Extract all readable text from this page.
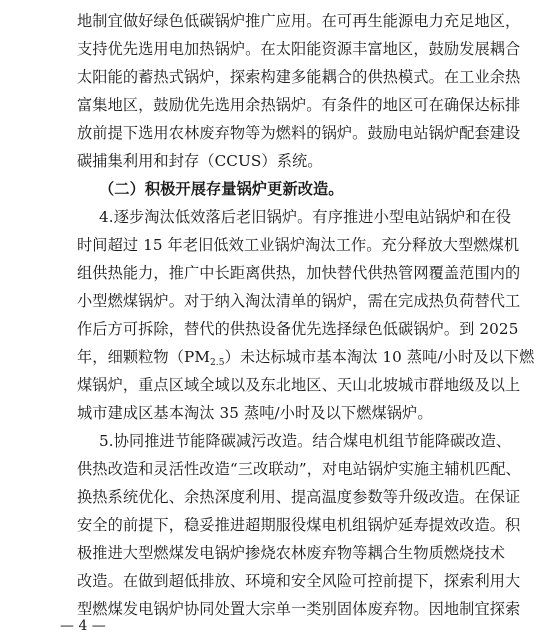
地制宜做好绿色低碳锅炉推广应用。在可再生能源电力充足地区，
支持优先选用电加热锅炉。在太阳能资源丰富地区，鼓励发展耦合
太阳能的蓄热式锅炉，探索构建多能耦合的供热模式。在工业余热
富集地区，鼓励优先选用余热锅炉。有条件的地区可在确保达标排
放前提下选用农林废弃物等为燃料的锅炉。鼓励电站锅炉配套建设
碳捕集利用和封存（CCUS）系统。
（二）积极开展存量锅炉更新改造。
4.逐步淘汰低效落后老旧锅炉。有序推进小型电站锅炉和在役
时间超过 15 年老旧低效工业锅炉淘汰工作。充分释放大型燃煤机
组供热能力，推广中长距离供热，加快替代供热管网覆盖范围内的
小型燃煤锅炉。对于纳入淘汰清单的锅炉，需在完成热负荷替代工
作后方可拆除，替代的供热设备优先选择绿色低碳锅炉。到 2025
年，细颗粒物$(PM_{2.5})$未达标城市基本淘汰 10 蒸吨/小时及以下燃
煤锅炉，重点区域全域以及东北地区、天山北坡城市群地级及以上
城市建成区基本淘汰 35 蒸吨/小时及以下燃煤锅炉。
5.协同推进节能降碳减污改造。结合煤电机组节能降碳改造、
供热改造和灵活性改造“三改联动”，对电站锅炉实施主辅机匹配、
换热系统优化、余热深度利用、提高温度参数等升级改造。在保证
安全的前提下，稳妥推进超期服役煤电机组锅炉延寿提效改造。积
极推进大型燃煤发电锅炉掺烧农林废弃物等耦合生物质燃烧技术
改造。在做到超低排放、环境和安全风险可控前提下，探索利用大
型燃煤发电锅炉协同处置大宗单一类别固体废弃物。因地制宜探索
— 4 —
